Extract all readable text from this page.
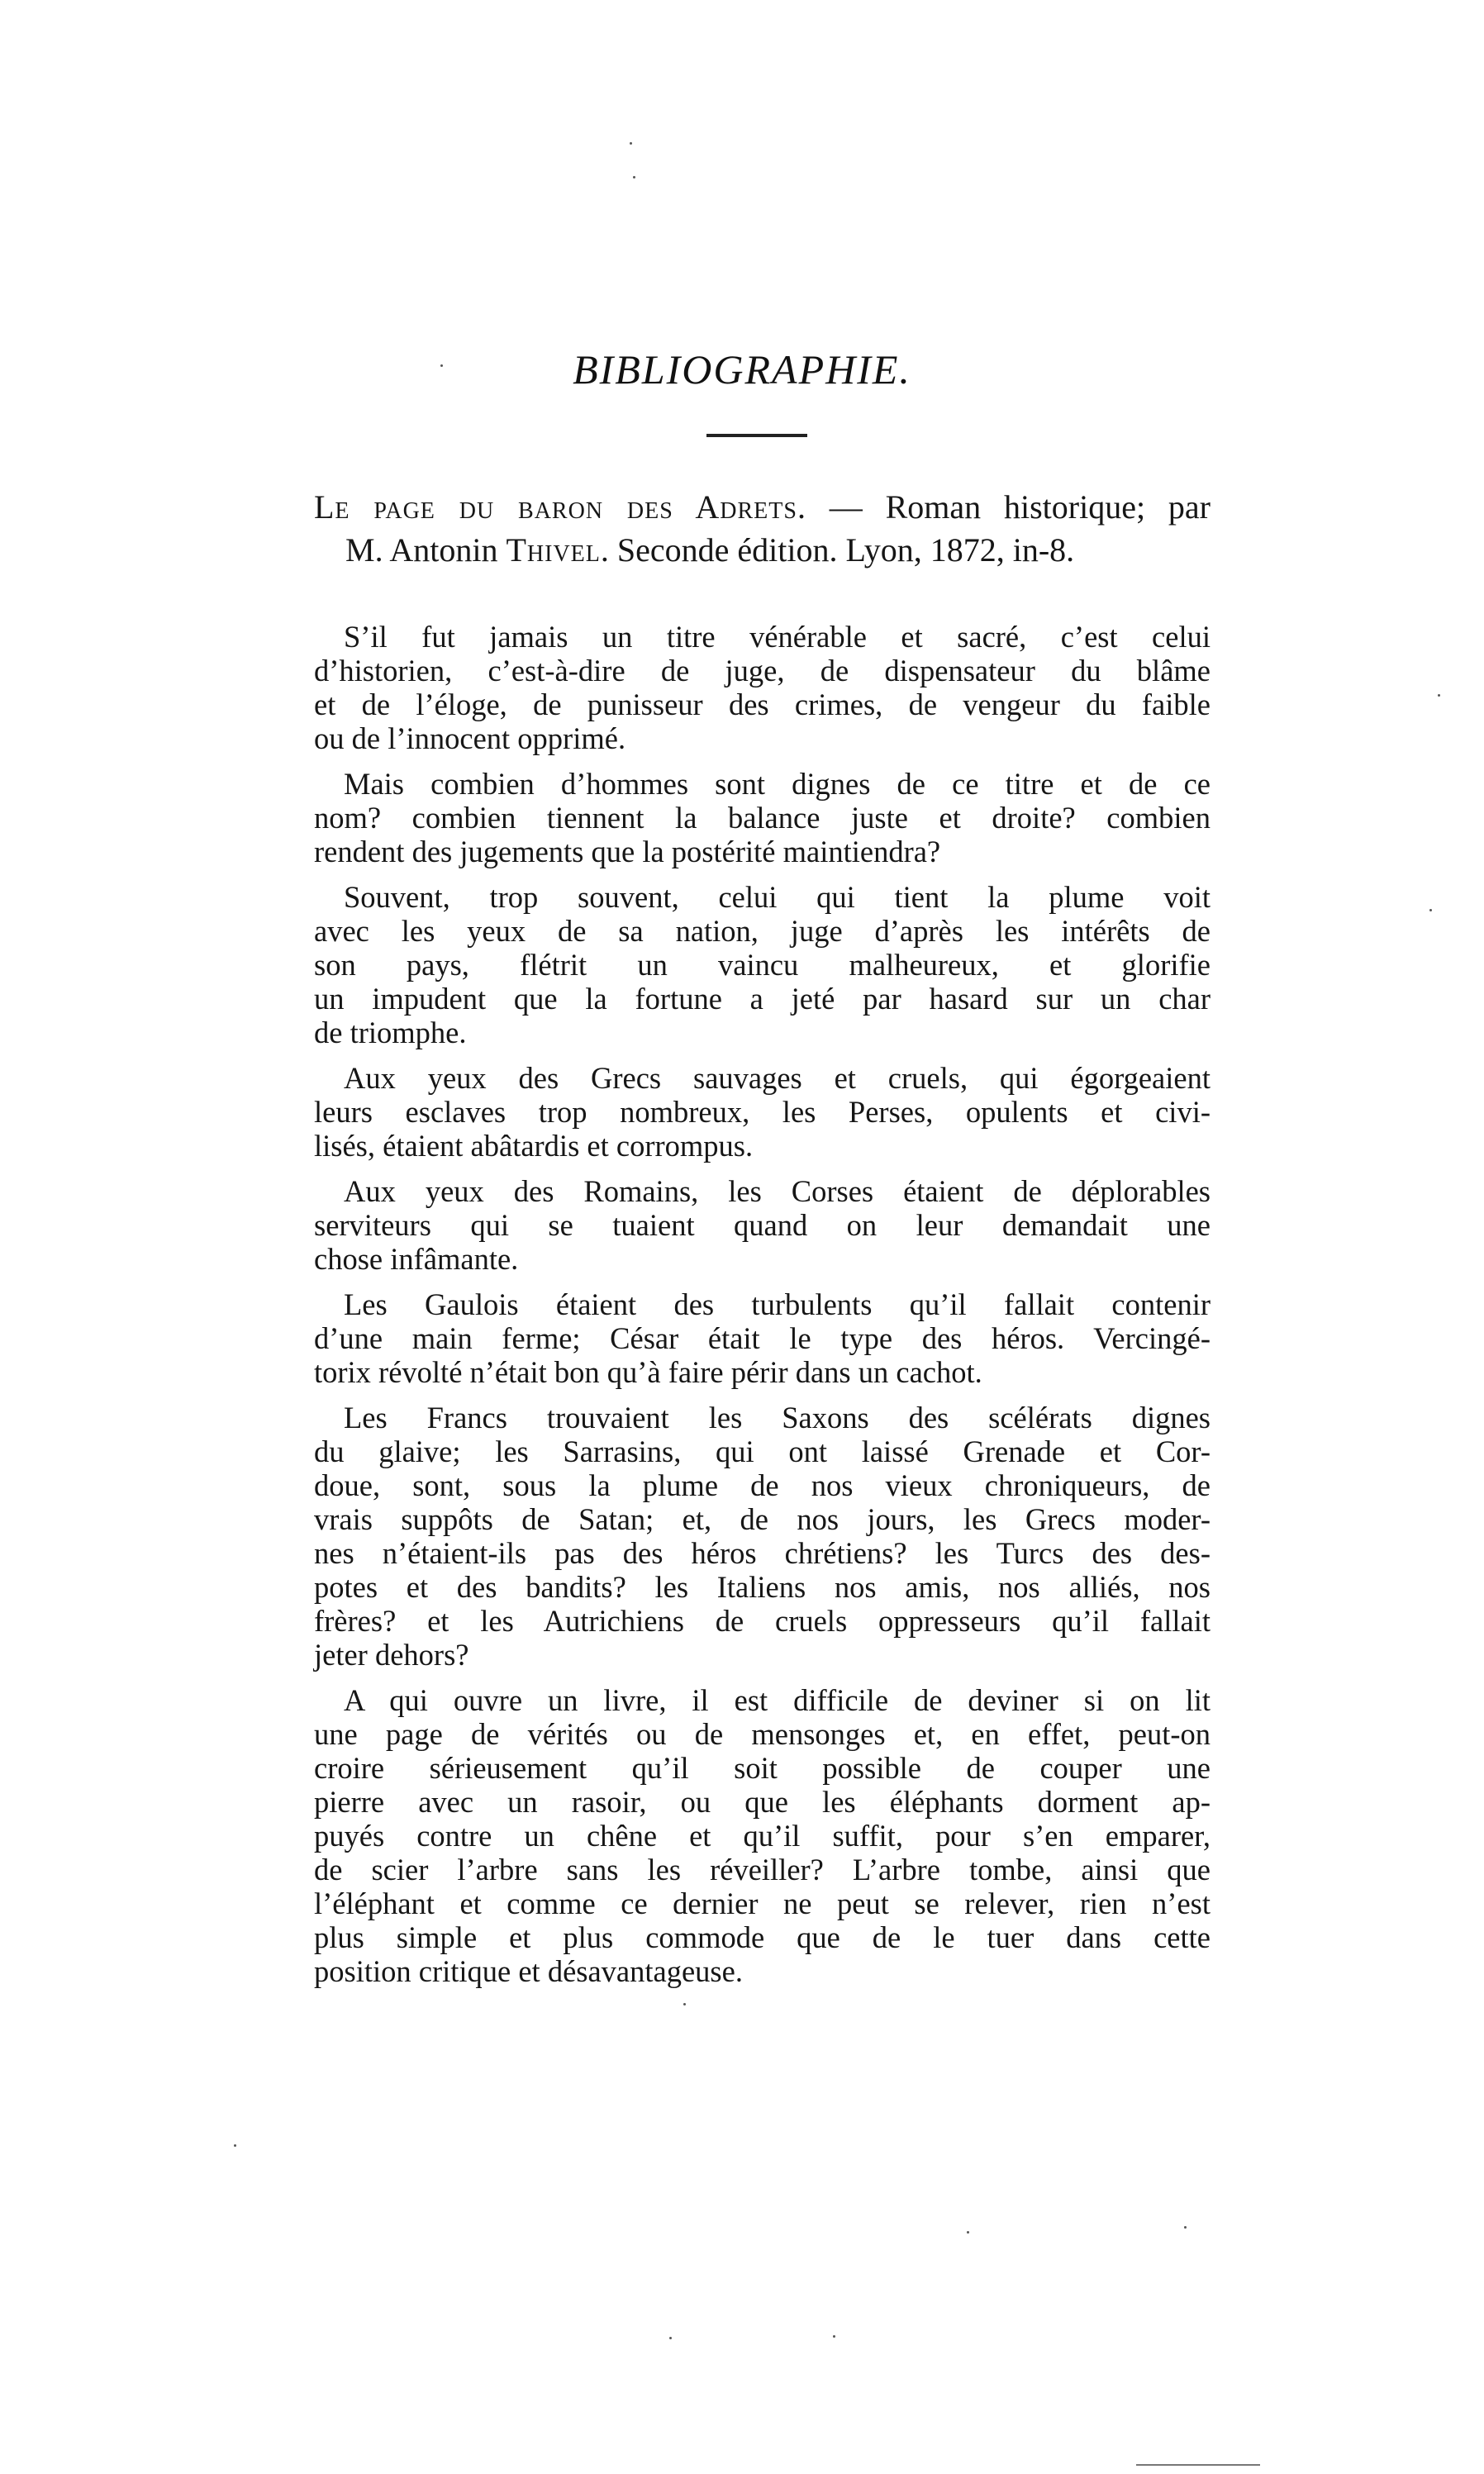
BIBLIOGRAPHIE.
Le page du baron des Adrets. — Roman historique; par
M. Antonin Thivel. Seconde édition. Lyon, 1872, in-8.
S’il fut jamais un titre vénérable et sacré, c’est celui
d’historien, c’est-à-dire de juge, de dispensateur du blâme
et de l’éloge, de punisseur des crimes, de vengeur du faible
ou de l’innocent opprimé.
Mais combien d’hommes sont dignes de ce titre et de ce
nom? combien tiennent la balance juste et droite? combien
rendent des jugements que la postérité maintiendra?
Souvent, trop souvent, celui qui tient la plume voit
avec les yeux de sa nation, juge d’après les intérêts de
son pays, flétrit un vaincu malheureux, et glorifie
un impudent que la fortune a jeté par hasard sur un char
de triomphe.
Aux yeux des Grecs sauvages et cruels, qui égorgeaient
leurs esclaves trop nombreux, les Perses, opulents et civi-
lisés, étaient abâtardis et corrompus.
Aux yeux des Romains, les Corses étaient de déplorables
serviteurs qui se tuaient quand on leur demandait une
chose infâmante.
Les Gaulois étaient des turbulents qu’il fallait contenir
d’une main ferme; César était le type des héros. Vercingé-
torix révolté n’était bon qu’à faire périr dans un cachot.
Les Francs trouvaient les Saxons des scélérats dignes
du glaive; les Sarrasins, qui ont laissé Grenade et Cor-
doue, sont, sous la plume de nos vieux chroniqueurs, de
vrais suppôts de Satan; et, de nos jours, les Grecs moder-
nes n’étaient-ils pas des héros chrétiens? les Turcs des des-
potes et des bandits? les Italiens nos amis, nos alliés, nos
frères? et les Autrichiens de cruels oppresseurs qu’il fallait
jeter dehors?
A qui ouvre un livre, il est difficile de deviner si on lit
une page de vérités ou de mensonges et, en effet, peut-on
croire sérieusement qu’il soit possible de couper une
pierre avec un rasoir, ou que les éléphants dorment ap-
puyés contre un chêne et qu’il suffit, pour s’en emparer,
de scier l’arbre sans les réveiller? L’arbre tombe, ainsi que
l’éléphant et comme ce dernier ne peut se relever, rien n’est
plus simple et plus commode que de le tuer dans cette
position critique et désavantageuse.
